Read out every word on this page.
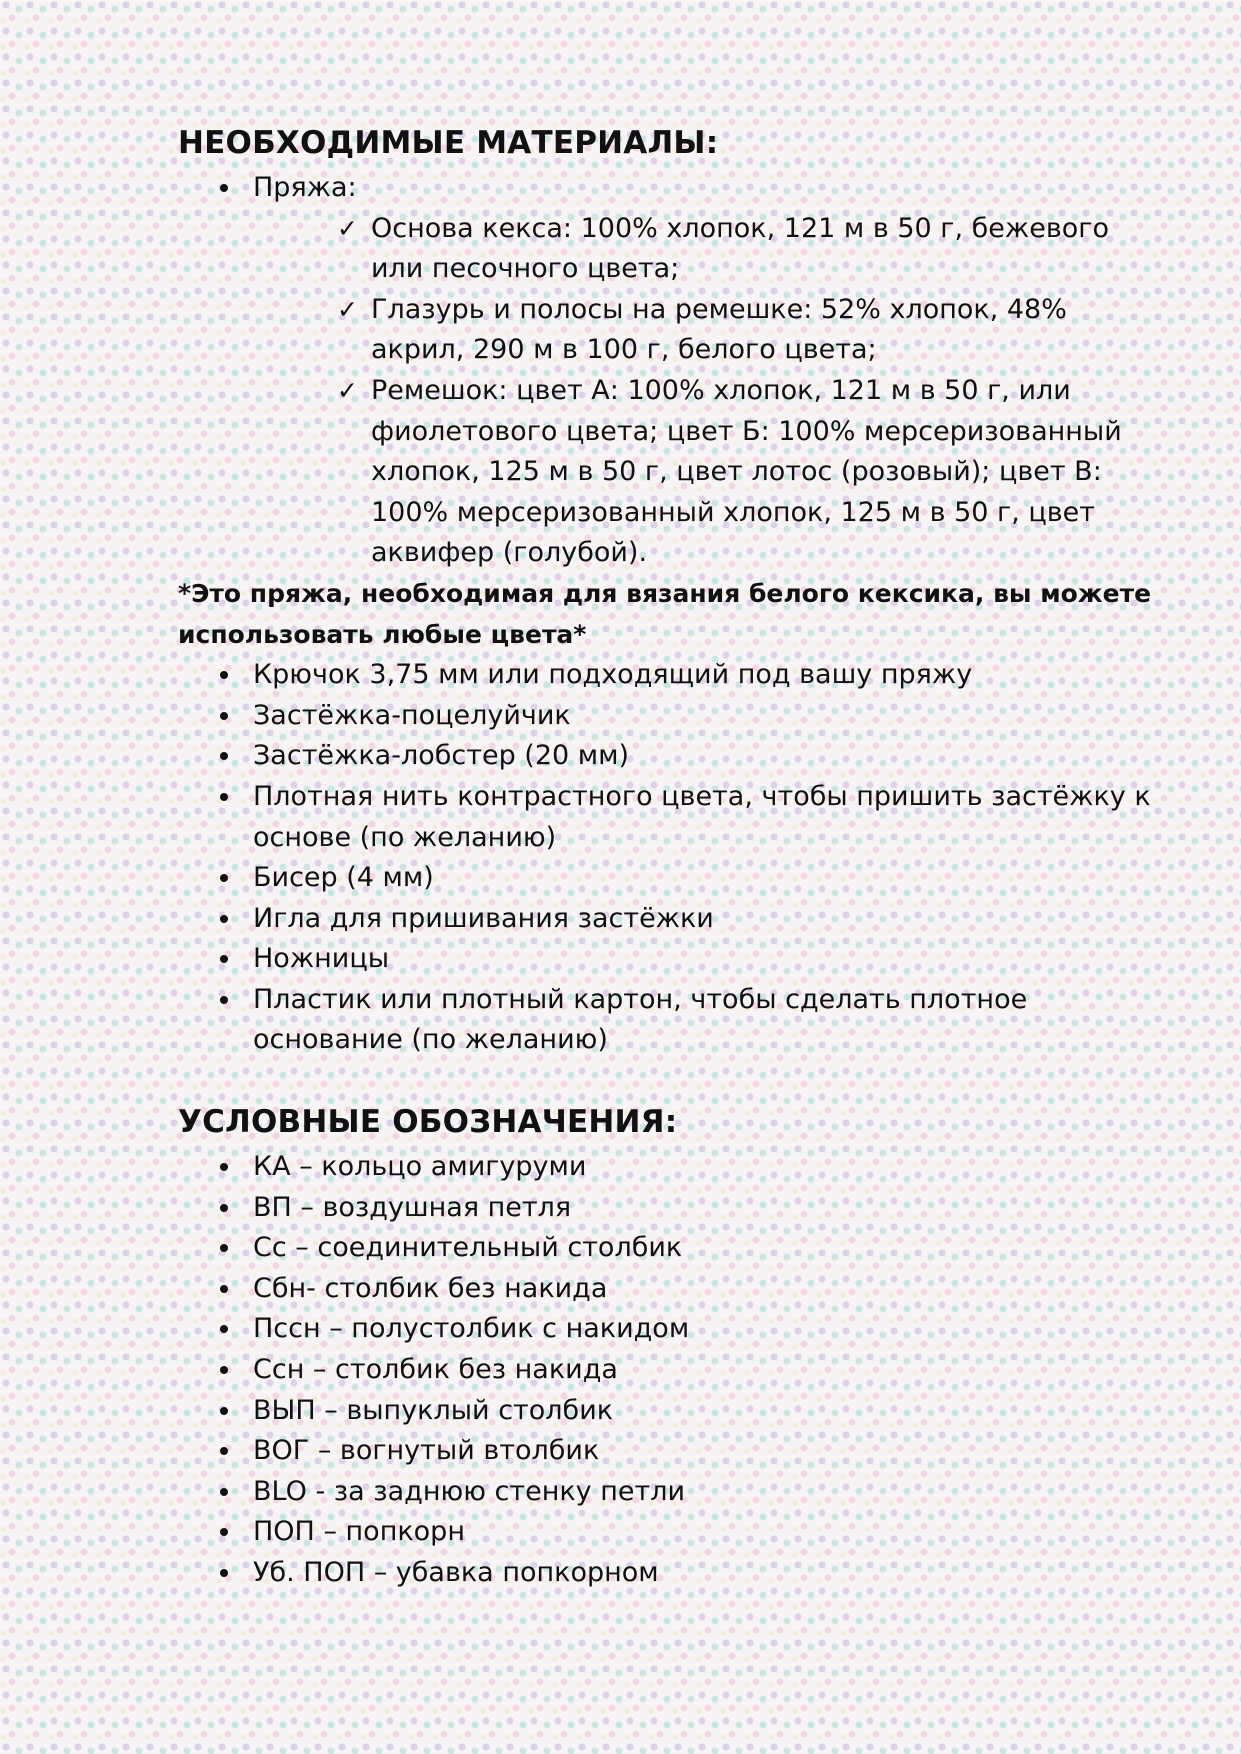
НЕОБХОДИМЫЕ МАТЕРИАЛЫ:
Пряжа:
✓ Основа кекса: 100% хлопок, 121 м в 50 г, бежевого или песочного цвета;
✓ Глазурь и полосы на ремешке: 52% хлопок, 48% акрил, 290 м в 100 г, белого цвета;
✓ Ремешок: цвет А: 100% хлопок, 121 м в 50 г, или фиолетового цвета; цвет Б: 100% мерсеризованный хлопок, 125 м в 50 г, цвет лотос (розовый); цвет В: 100% мерсеризованный хлопок, 125 м в 50 г, цвет аквифер (голубой).

*Это пряжа, необходимая для вязания белого кексика, вы можете использовать любые цвета*

Крючок 3,75 мм или подходящий под вашу пряжу
Застёжка-поцелуйчик
Застёжка-лобстер (20 мм)
Плотная нить контрастного цвета, чтобы пришить застёжку к основе (по желанию)
Бисер (4 мм)
Игла для пришивания застёжки
Ножницы
Пластик или плотный картон, чтобы сделать плотное основание (по желанию)
УСЛОВНЫЕ ОБОЗНАЧЕНИЯ:
КА – кольцо амигуруми
ВП – воздушная петля
Сс – соединительный столбик
Сбн- столбик без накида
Пссн – полустолбик с накидом
Ссн – столбик без накида
ВЫП – выпуклый столбик
ВОГ – вогнутый втолбик
BLO - за заднюю стенку петли
ПОП – попкорн
Уб. ПОП – убавка попкорном
